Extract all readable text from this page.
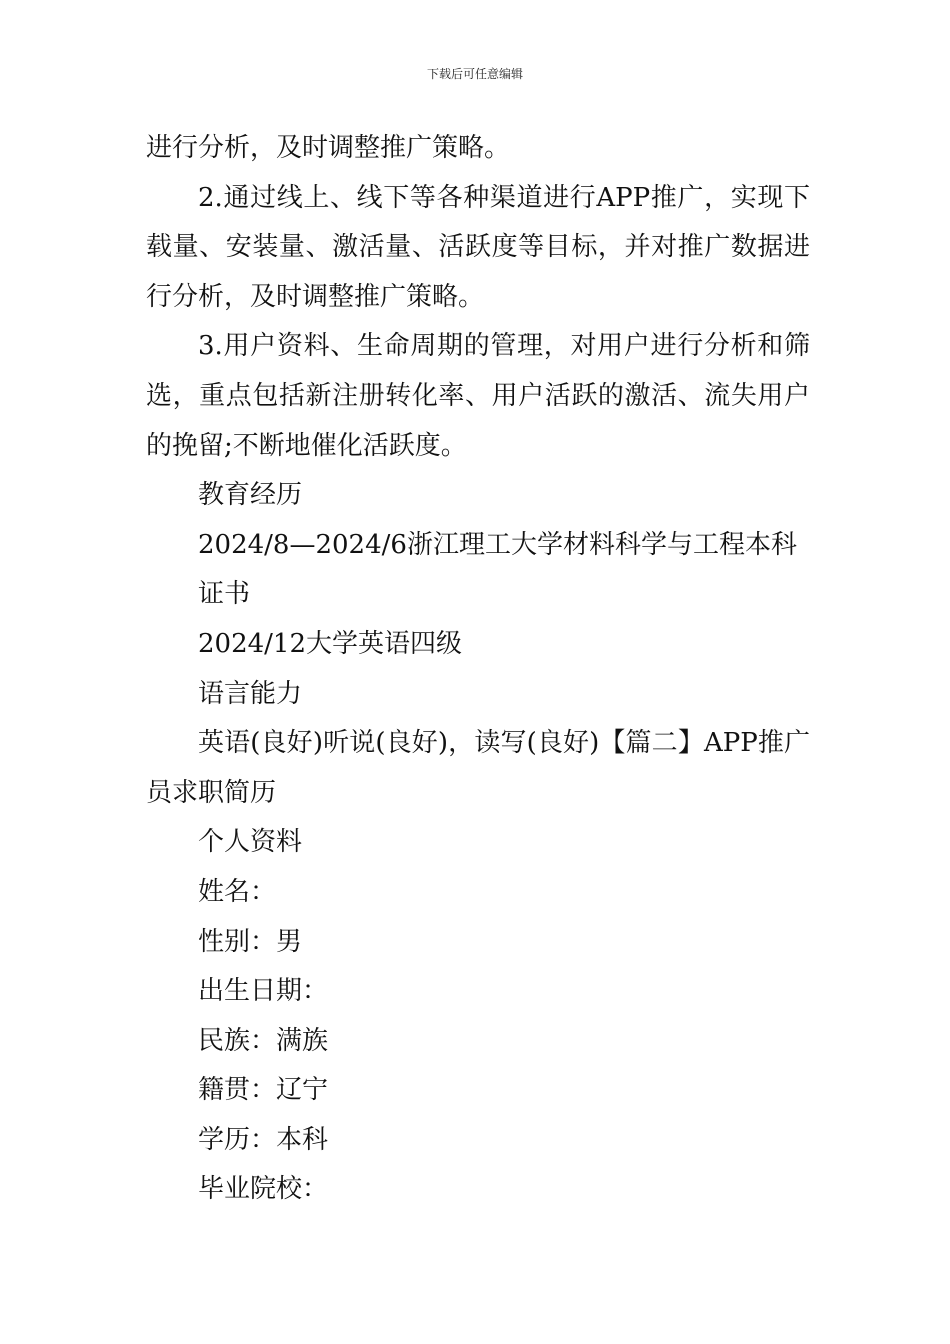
下载后可任意编辑

进行分析，及时调整推广策略。

2.通过线上、线下等各种渠道进行APP推广，实现下载量、安装量、激活量、活跃度等目标，并对推广数据进行分析，及时调整推广策略。

3.用户资料、生命周期的管理，对用户进行分析和筛选，重点包括新注册转化率、用户活跃的激活、流失用户的挽留;不断地催化活跃度。

教育经历

2024/8—2024/6浙江理工大学材料科学与工程本科

证书

2024/12大学英语四级

语言能力

英语(良好)听说(良好)，读写(良好)【篇二】APP推广员求职简历

个人资料

姓名：

性别：男

出生日期：

民族：满族

籍贯：辽宁

学历：本科

毕业院校：
